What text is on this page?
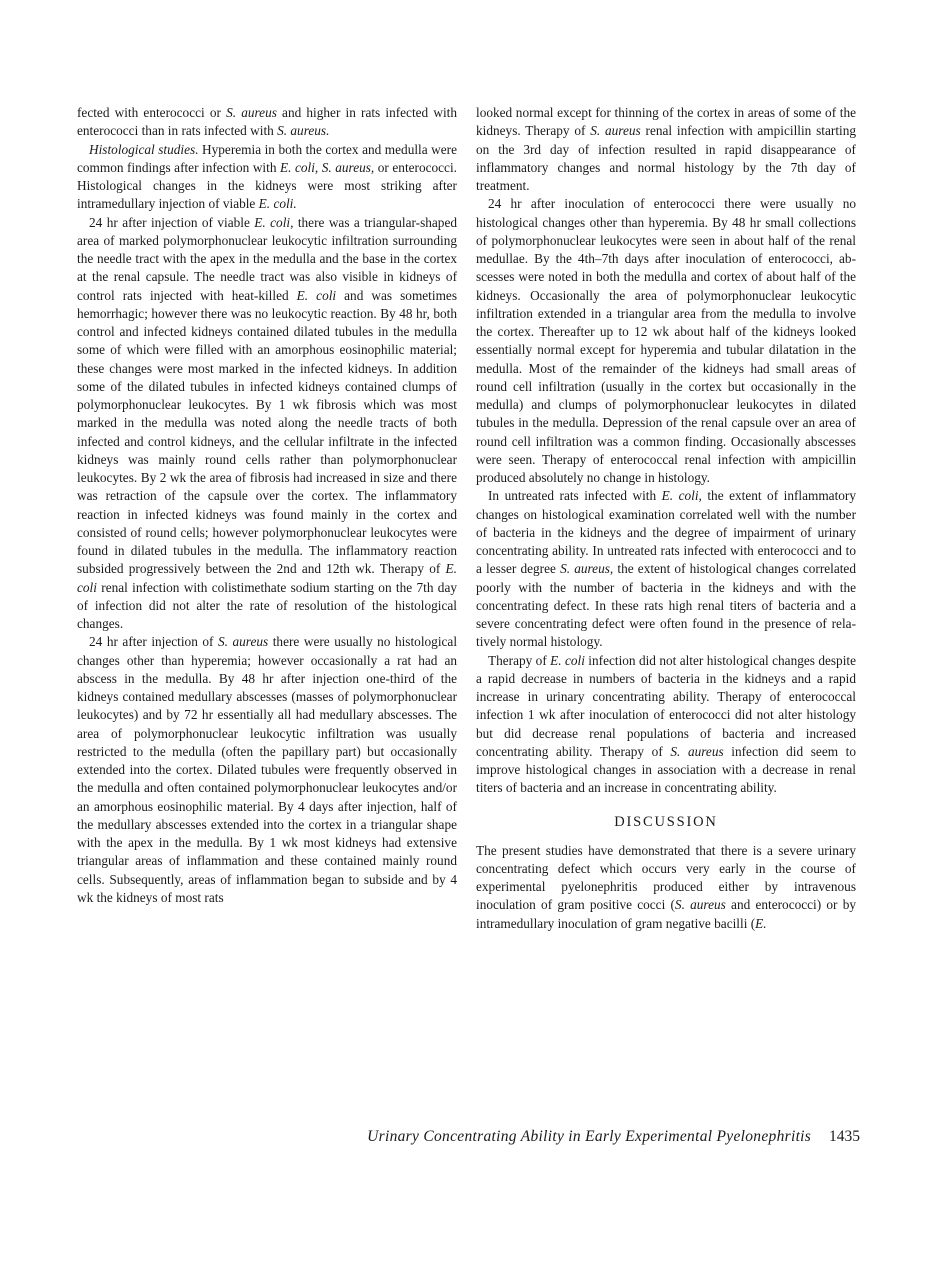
fected with enterococci or S. aureus and higher in rats infected with enterococci than in rats infected with S. aureus.

Histological studies. Hyperemia in both the cortex and medulla were common findings after infection with E. coli, S. aureus, or enterococci. Histological changes in the kidneys were most striking after intramedullary injection of viable E. coli.

24 hr after injection of viable E. coli, there was a triangular-shaped area of marked polymorphonuclear leukocytic infiltration surrounding the needle tract with the apex in the medulla and the base in the cortex at the renal capsule. The needle tract was also visible in kidneys of control rats injected with heat-killed E. coli and was sometimes hemorrhagic; however there was no leukocytic reaction. By 48 hr, both control and infected kidneys contained dilated tubules in the medulla some of which were filled with an amorphous eosinophilic material; these changes were most marked in the infected kidneys. In addition some of the dilated tubules in infected kidneys contained clumps of polymorphonuclear leukocytes. By 1 wk fibrosis which was most marked in the medulla was noted along the needle tracts of both infected and control kidneys, and the cellular infiltrate in the infected kidneys was mainly round cells rather than polymorphonuclear leukocytes. By 2 wk the area of fibrosis had increased in size and there was retraction of the capsule over the cortex. The inflammatory reaction in infected kidneys was found mainly in the cortex and consisted of round cells; however polymorphonuclear leukocytes were found in dilated tubules in the medulla. The inflammatory reaction subsided progressively between the 2nd and 12th wk. Therapy of E. coli renal infection with colistimethate sodium starting on the 7th day of infection did not alter the rate of resolution of the histological changes.

24 hr after injection of S. aureus there were usually no histological changes other than hyperemia; however occasionally a rat had an abscess in the medulla. By 48 hr after injection one-third of the kidneys contained medullary abscesses (masses of polymorphonuclear leukocytes) and by 72 hr essentially all had medullary abscesses. The area of polymorphonuclear leukocytic infiltration was usually restricted to the medulla (often the papillary part) but occasionally extended into the cortex. Dilated tubules were frequently observed in the medulla and often contained polymorphonuclear leukocytes and/or an amorphous eosinophilic material. By 4 days after injection, half of the medullary abscesses extended into the cortex in a triangular shape with the apex in the medulla. By 1 wk most kidneys had extensive triangular areas of inflammation and these contained mainly round cells. Subsequently, areas of inflammation began to subside and by 4 wk the kidneys of most rats

looked normal except for thinning of the cortex in areas of some of the kidneys. Therapy of S. aureus renal infection with ampicillin starting on the 3rd day of infection resulted in rapid disappearance of inflammatory changes and normal histology by the 7th day of treatment.

24 hr after inoculation of enterococci there were usually no histological changes other than hyperemia. By 48 hr small collections of polymorphonuclear leukocytes were seen in about half of the renal medullae. By the 4th–7th days after inoculation of enterococci, abscesses were noted in both the medulla and cortex of about half of the kidneys. Occasionally the area of polymorphonuclear leukocytic infiltration extended in a triangular area from the medulla to involve the cortex. Thereafter up to 12 wk about half of the kidneys looked essentially normal except for hyperemia and tubular dilatation in the medulla. Most of the remainder of the kidneys had small areas of round cell infiltration (usually in the cortex but occasionally in the medulla) and clumps of polymorphonuclear leukocytes in dilated tubules in the medulla. Depression of the renal capsule over an area of round cell infiltration was a common finding. Occasionally abscesses were seen. Therapy of enterococcal renal infection with ampicillin produced absolutely no change in histology.

In untreated rats infected with E. coli, the extent of inflammatory changes on histological examination correlated well with the number of bacteria in the kidneys and the degree of impairment of urinary concentrating ability. In untreated rats infected with enterococci and to a lesser degree S. aureus, the extent of histological changes correlated poorly with the number of bacteria in the kidneys and with the concentrating defect. In these rats high renal titers of bacteria and a severe concentrating defect were often found in the presence of relatively normal histology.

Therapy of E. coli infection did not alter histological changes despite a rapid decrease in numbers of bacteria in the kidneys and a rapid increase in urinary concentrating ability. Therapy of enterococcal infection 1 wk after inoculation of enterococci did not alter histology but did decrease renal populations of bacteria and increased concentrating ability. Therapy of S. aureus infection did seem to improve histological changes in association with a decrease in renal titers of bacteria and an increase in concentrating ability.

DISCUSSION

The present studies have demonstrated that there is a severe urinary concentrating defect which occurs very early in the course of experimental pyelonephritis produced either by intravenous inoculation of gram positive cocci (S. aureus and enterococci) or by intramedullary inoculation of gram negative bacilli (E.

Urinary Concentrating Ability in Early Experimental Pyelonephritis 1435
